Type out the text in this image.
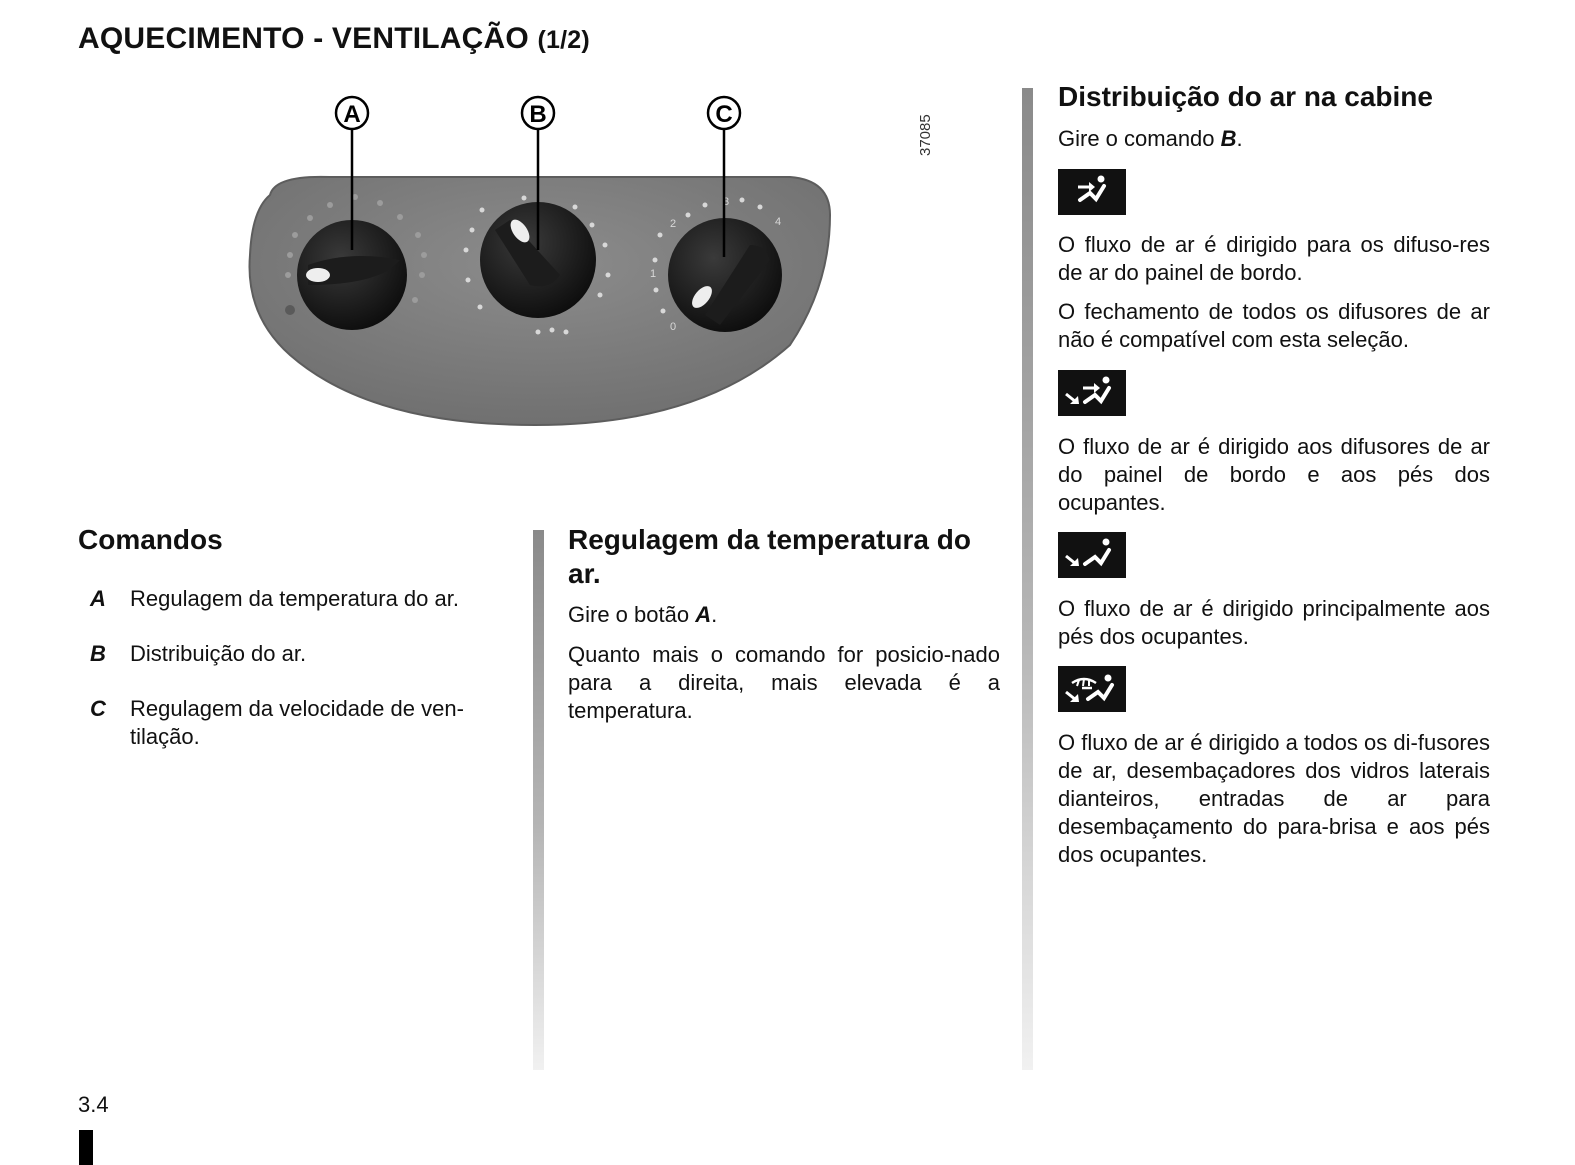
AQUECIMENTO - VENTILAÇÃO (1/2)
0
1
2
3
4
A	B	C	37085
Comandos
A Regulagem da temperatura do ar.
B Distribuição do ar.
C Regulagem da velocidade de ven-tilação.
Regulagem da temperatura do ar.

Gire o botão A.

Quanto mais o comando for posicio-nado para a direita, mais elevada é a temperatura.

Distribuição do ar na cabine

Gire o comando B.

O fluxo de ar é dirigido para os difuso-res de ar do painel de bordo.

O fechamento de todos os difusores de ar não é compatível com esta seleção.

O fluxo de ar é dirigido aos difusores de ar do painel de bordo e aos pés dos ocupantes.

O fluxo de ar é dirigido principalmente aos pés dos ocupantes.

O fluxo de ar é dirigido a todos os di-fusores de ar, desembaçadores dos vidros laterais dianteiros, entradas de ar para desembaçamento do para-brisa e aos pés dos ocupantes.

3.4
